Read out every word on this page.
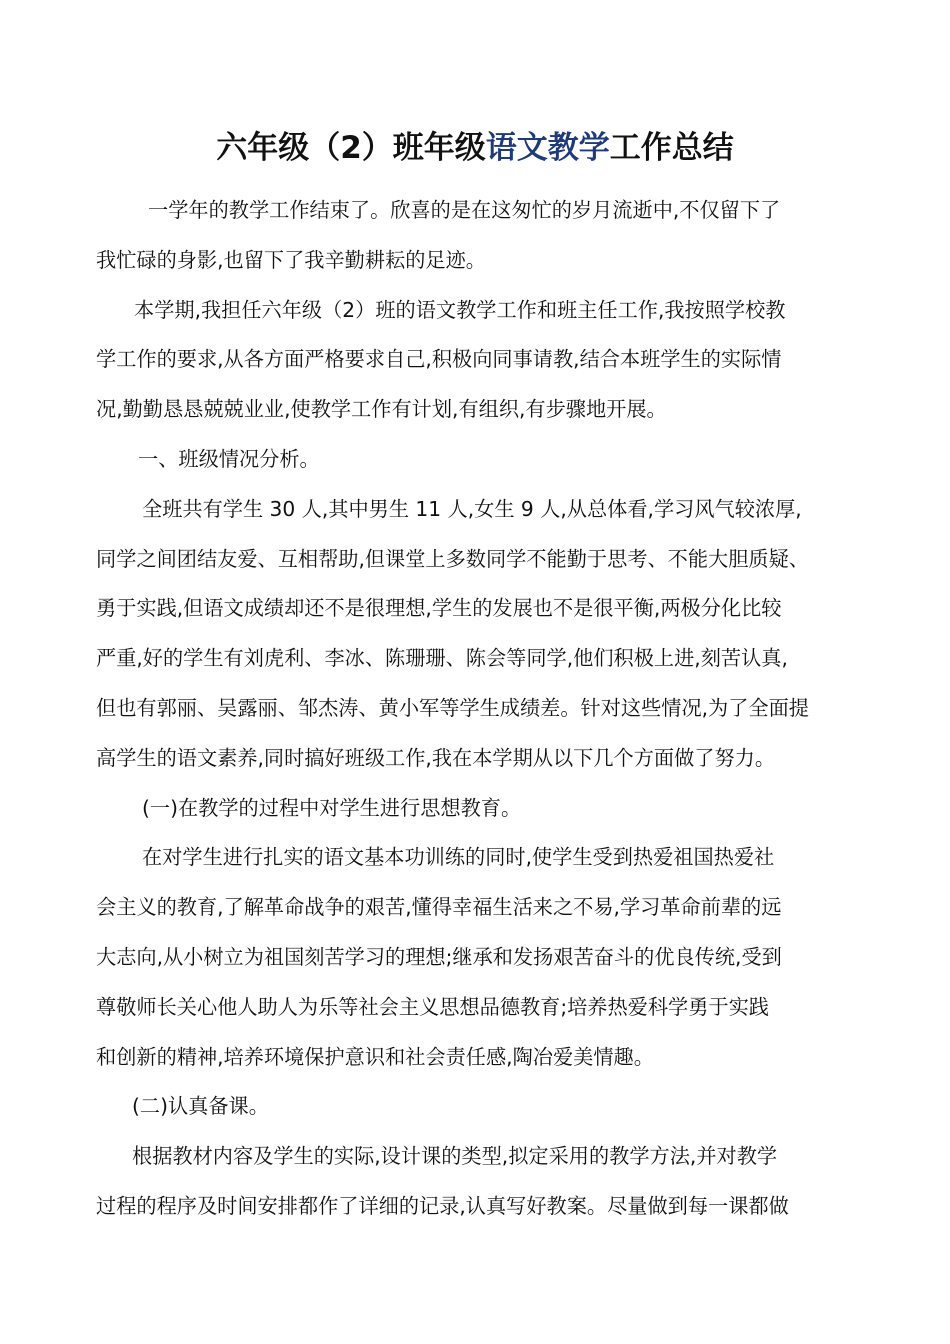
六年级（2）班年级语文教学工作总结
一学年的教学工作结束了。欣喜的是在这匆忙的岁月流逝中,不仅留下了
我忙碌的身影,也留下了我辛勤耕耘的足迹。
本学期,我担任六年级（2）班的语文教学工作和班主任工作,我按照学校教
学工作的要求,从各方面严格要求自己,积极向同事请教,结合本班学生的实际情
况,勤勤恳恳兢兢业业,使教学工作有计划,有组织,有步骤地开展。
一、班级情况分析。
全班共有学生 30 人,其中男生 11 人,女生 9 人,从总体看,学习风气较浓厚,
同学之间团结友爱、互相帮助,但课堂上多数同学不能勤于思考、不能大胆质疑、
勇于实践,但语文成绩却还不是很理想,学生的发展也不是很平衡,两极分化比较
严重,好的学生有刘虎利、李冰、陈珊珊、陈会等同学,他们积极上进,刻苦认真,
但也有郭丽、吴露丽、邹杰涛、黄小军等学生成绩差。针对这些情况,为了全面提
高学生的语文素养,同时搞好班级工作,我在本学期从以下几个方面做了努力。
(一)在教学的过程中对学生进行思想教育。
在对学生进行扎实的语文基本功训练的同时,使学生受到热爱祖国热爱社
会主义的教育,了解革命战争的艰苦,懂得幸福生活来之不易,学习革命前辈的远
大志向,从小树立为祖国刻苦学习的理想;继承和发扬艰苦奋斗的优良传统,受到
尊敬师长关心他人助人为乐等社会主义思想品德教育;培养热爱科学勇于实践
和创新的精神,培养环境保护意识和社会责任感,陶冶爱美情趣。
(二)认真备课。
根据教材内容及学生的实际,设计课的类型,拟定采用的教学方法,并对教学
过程的程序及时间安排都作了详细的记录,认真写好教案。尽量做到每一课都做
